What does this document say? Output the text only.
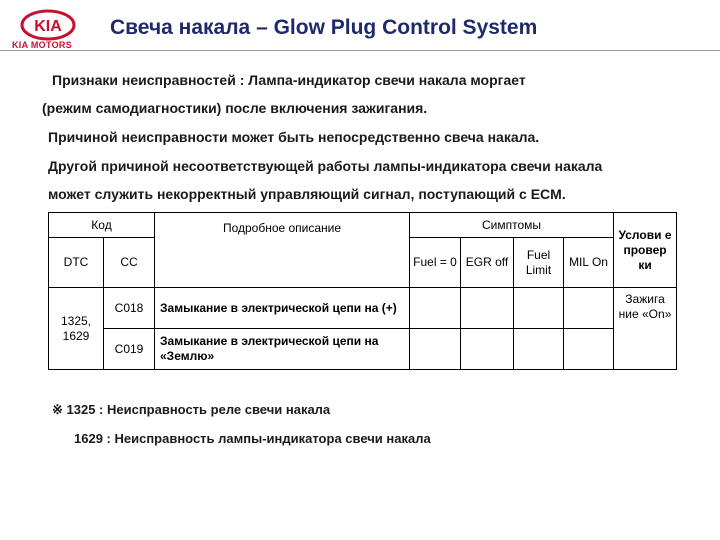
KIA
KIA MOTORS
Свеча накала – Glow Plug Control System
Признаки неисправностей : Лампа-индикатор свечи накала моргает
(режим самодиагностики) после включения зажигания.
Причиной неисправности может быть непосредственно свеча накала.
Другой причиной несоответствующей работы лампы-индикатора свечи накала
может служить некорректный управляющий сигнал, поступающий с ECM.
Код		Подробное описание	Симптомы				Услови е провер ки
DTC	CC		Fuel = 0	EGR off	Fuel Limit	MIL On	
1325, 1629	C018	Замыкание в электрической цепи на (+)					Зажига ние «On»
	C019	Замыкание в электрической цепи на «Землю»					
※ 1325 : Неисправность реле свечи накала
1629 : Неисправность лампы-индикатора свечи накала
